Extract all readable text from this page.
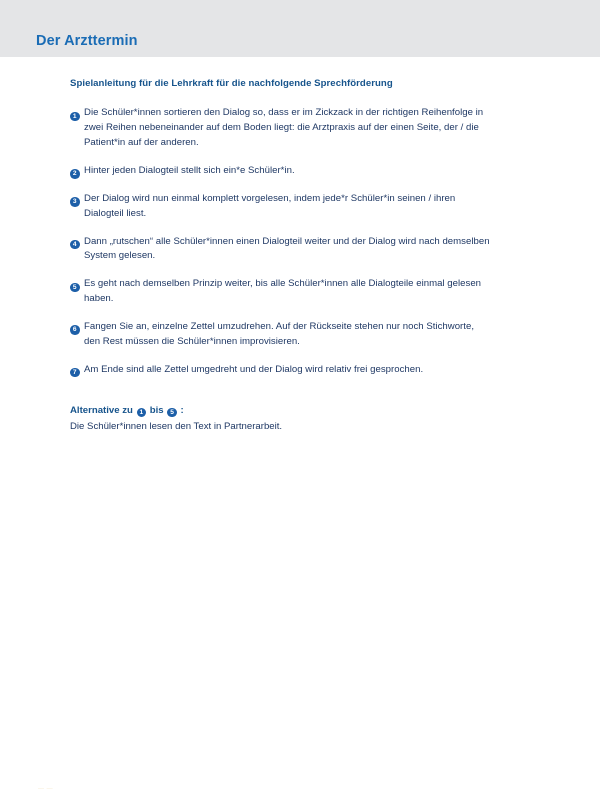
Der Arzttermin
Spielanleitung für die Lehrkraft für die nachfolgende Sprechförderung
1 Die Schüler*innen sortieren den Dialog so, dass er im Zickzack in der richtigen Reihenfolge in zwei Reihen nebeneinander auf dem Boden liegt: die Arztpraxis auf der einen Seite, der / die Patient*in auf der anderen.
2 Hinter jeden Dialogteil stellt sich ein*e Schüler*in.
3 Der Dialog wird nun einmal komplett vorgelesen, indem jede*r Schüler*in seinen / ihren Dialogteil liest.
4 Dann „rutschen“ alle Schüler*innen einen Dialogteil weiter und der Dialog wird nach demselben System gelesen.
5 Es geht nach demselben Prinzip weiter, bis alle Schüler*innen alle Dialogteile einmal gelesen haben.
6 Fangen Sie an, einzelne Zettel umzudrehen. Auf der Rückseite stehen nur noch Stichworte, den Rest müssen die Schüler*innen improvisieren.
7 Am Ende sind alle Zettel umgedreht und der Dialog wird relativ frei gesprochen.
Alternative zu 1 bis 5 :
Die Schüler*innen lesen den Text in Partnerarbeit.
— —
